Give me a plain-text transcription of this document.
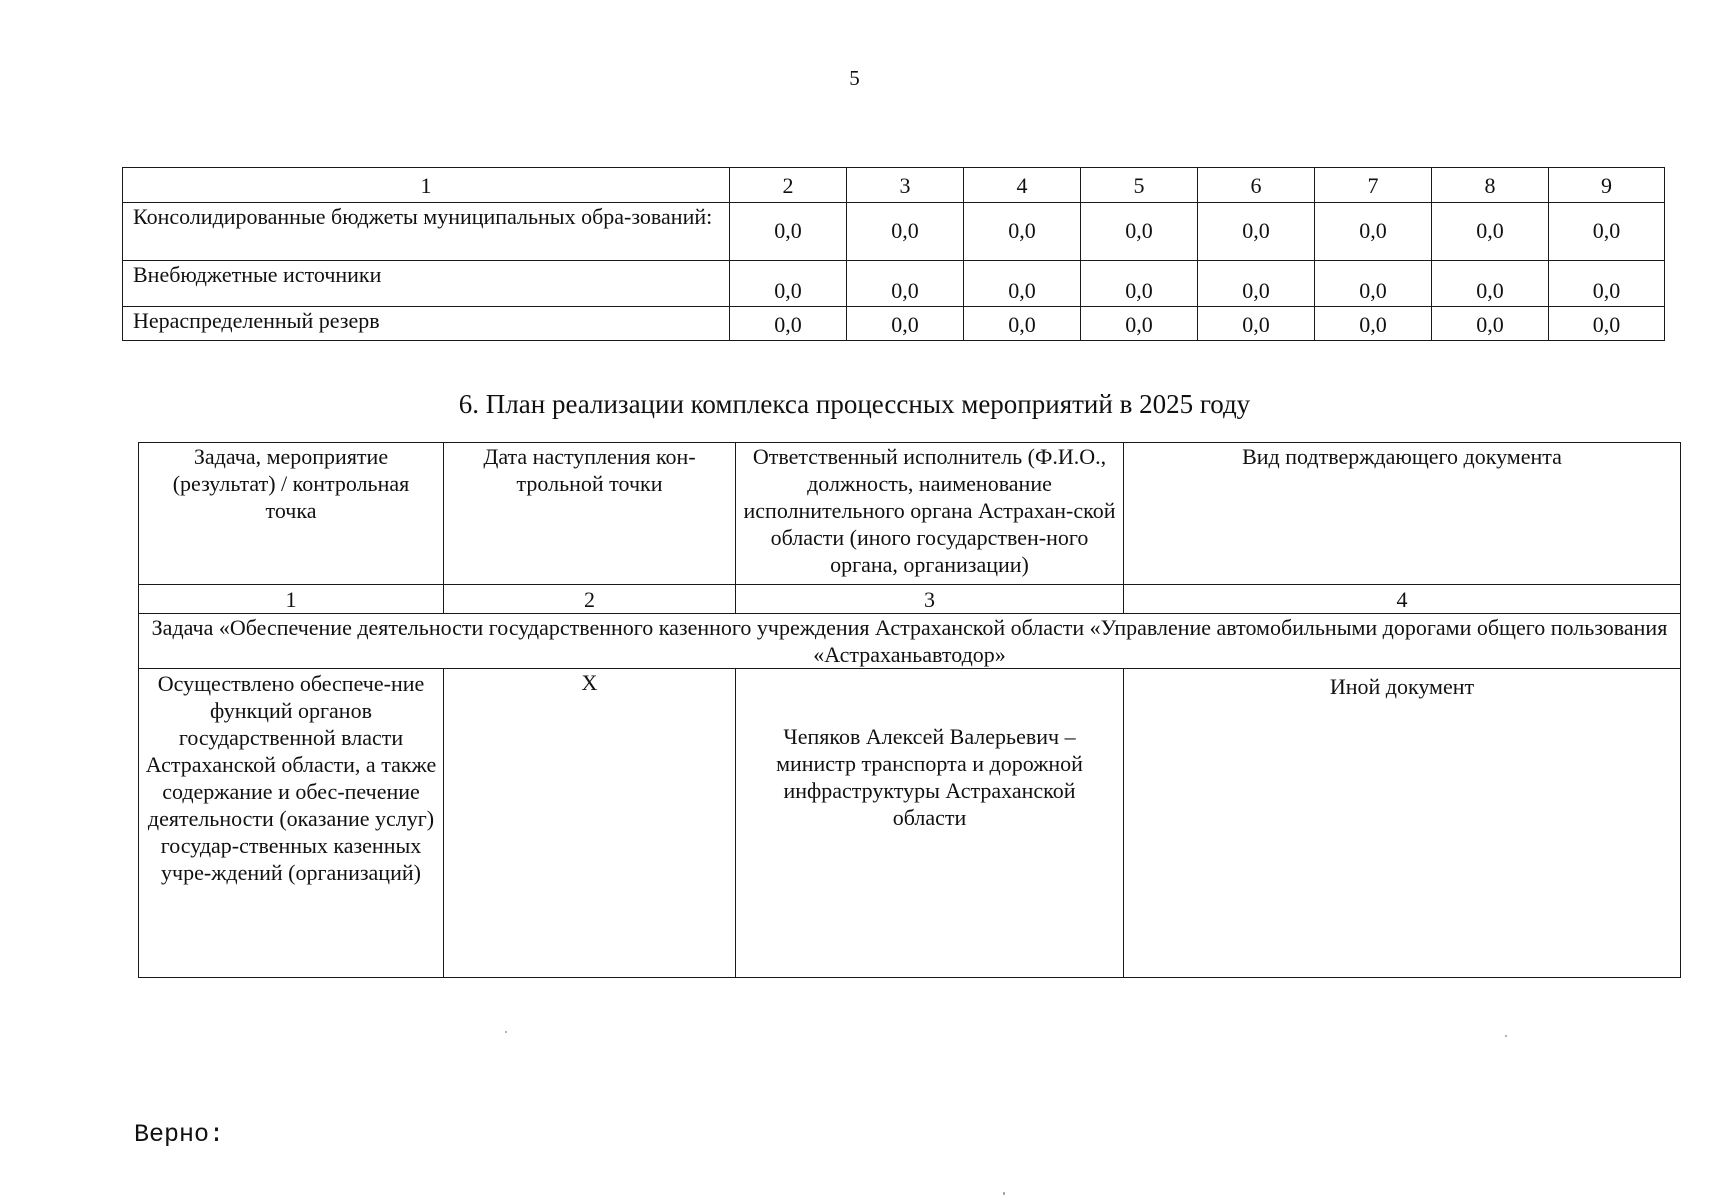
5
1	2	3	4	5	6	7	8	9
Консолидированные бюджеты муниципальных обра-зований:	0,0	0,0	0,0	0,0	0,0	0,0	0,0	0,0
Внебюджетные источники	0,0	0,0	0,0	0,0	0,0	0,0	0,0	0,0
Нераспределенный резерв	0,0	0,0	0,0	0,0	0,0	0,0	0,0	0,0
6. План реализации комплекса процессных мероприятий в 2025 году
Задача, мероприятие (результат) / контрольная точка	Дата наступления кон-трольной точки	Ответственный исполнитель (Ф.И.О., должность, наименование исполнительного органа Астрахан-ской области (иного государствен-ного органа, организации)	Вид подтверждающего документа
1	2	3	4
Задача «Обеспечение деятельности государственного казенного учреждения Астраханской области «Управление автомобильными дорогами общего пользования «Астраханьавтодор»			
Осуществлено обеспече-ние функций органов государственной власти Астраханской области, а также содержание и обес-печение деятельности (оказание услуг) государ-ственных казенных учре-ждений (организаций)	X	Чепяков Алексей Валерьевич – министр транспорта и дорожной инфраструктуры Астраханской области	Иной документ
Верно:
